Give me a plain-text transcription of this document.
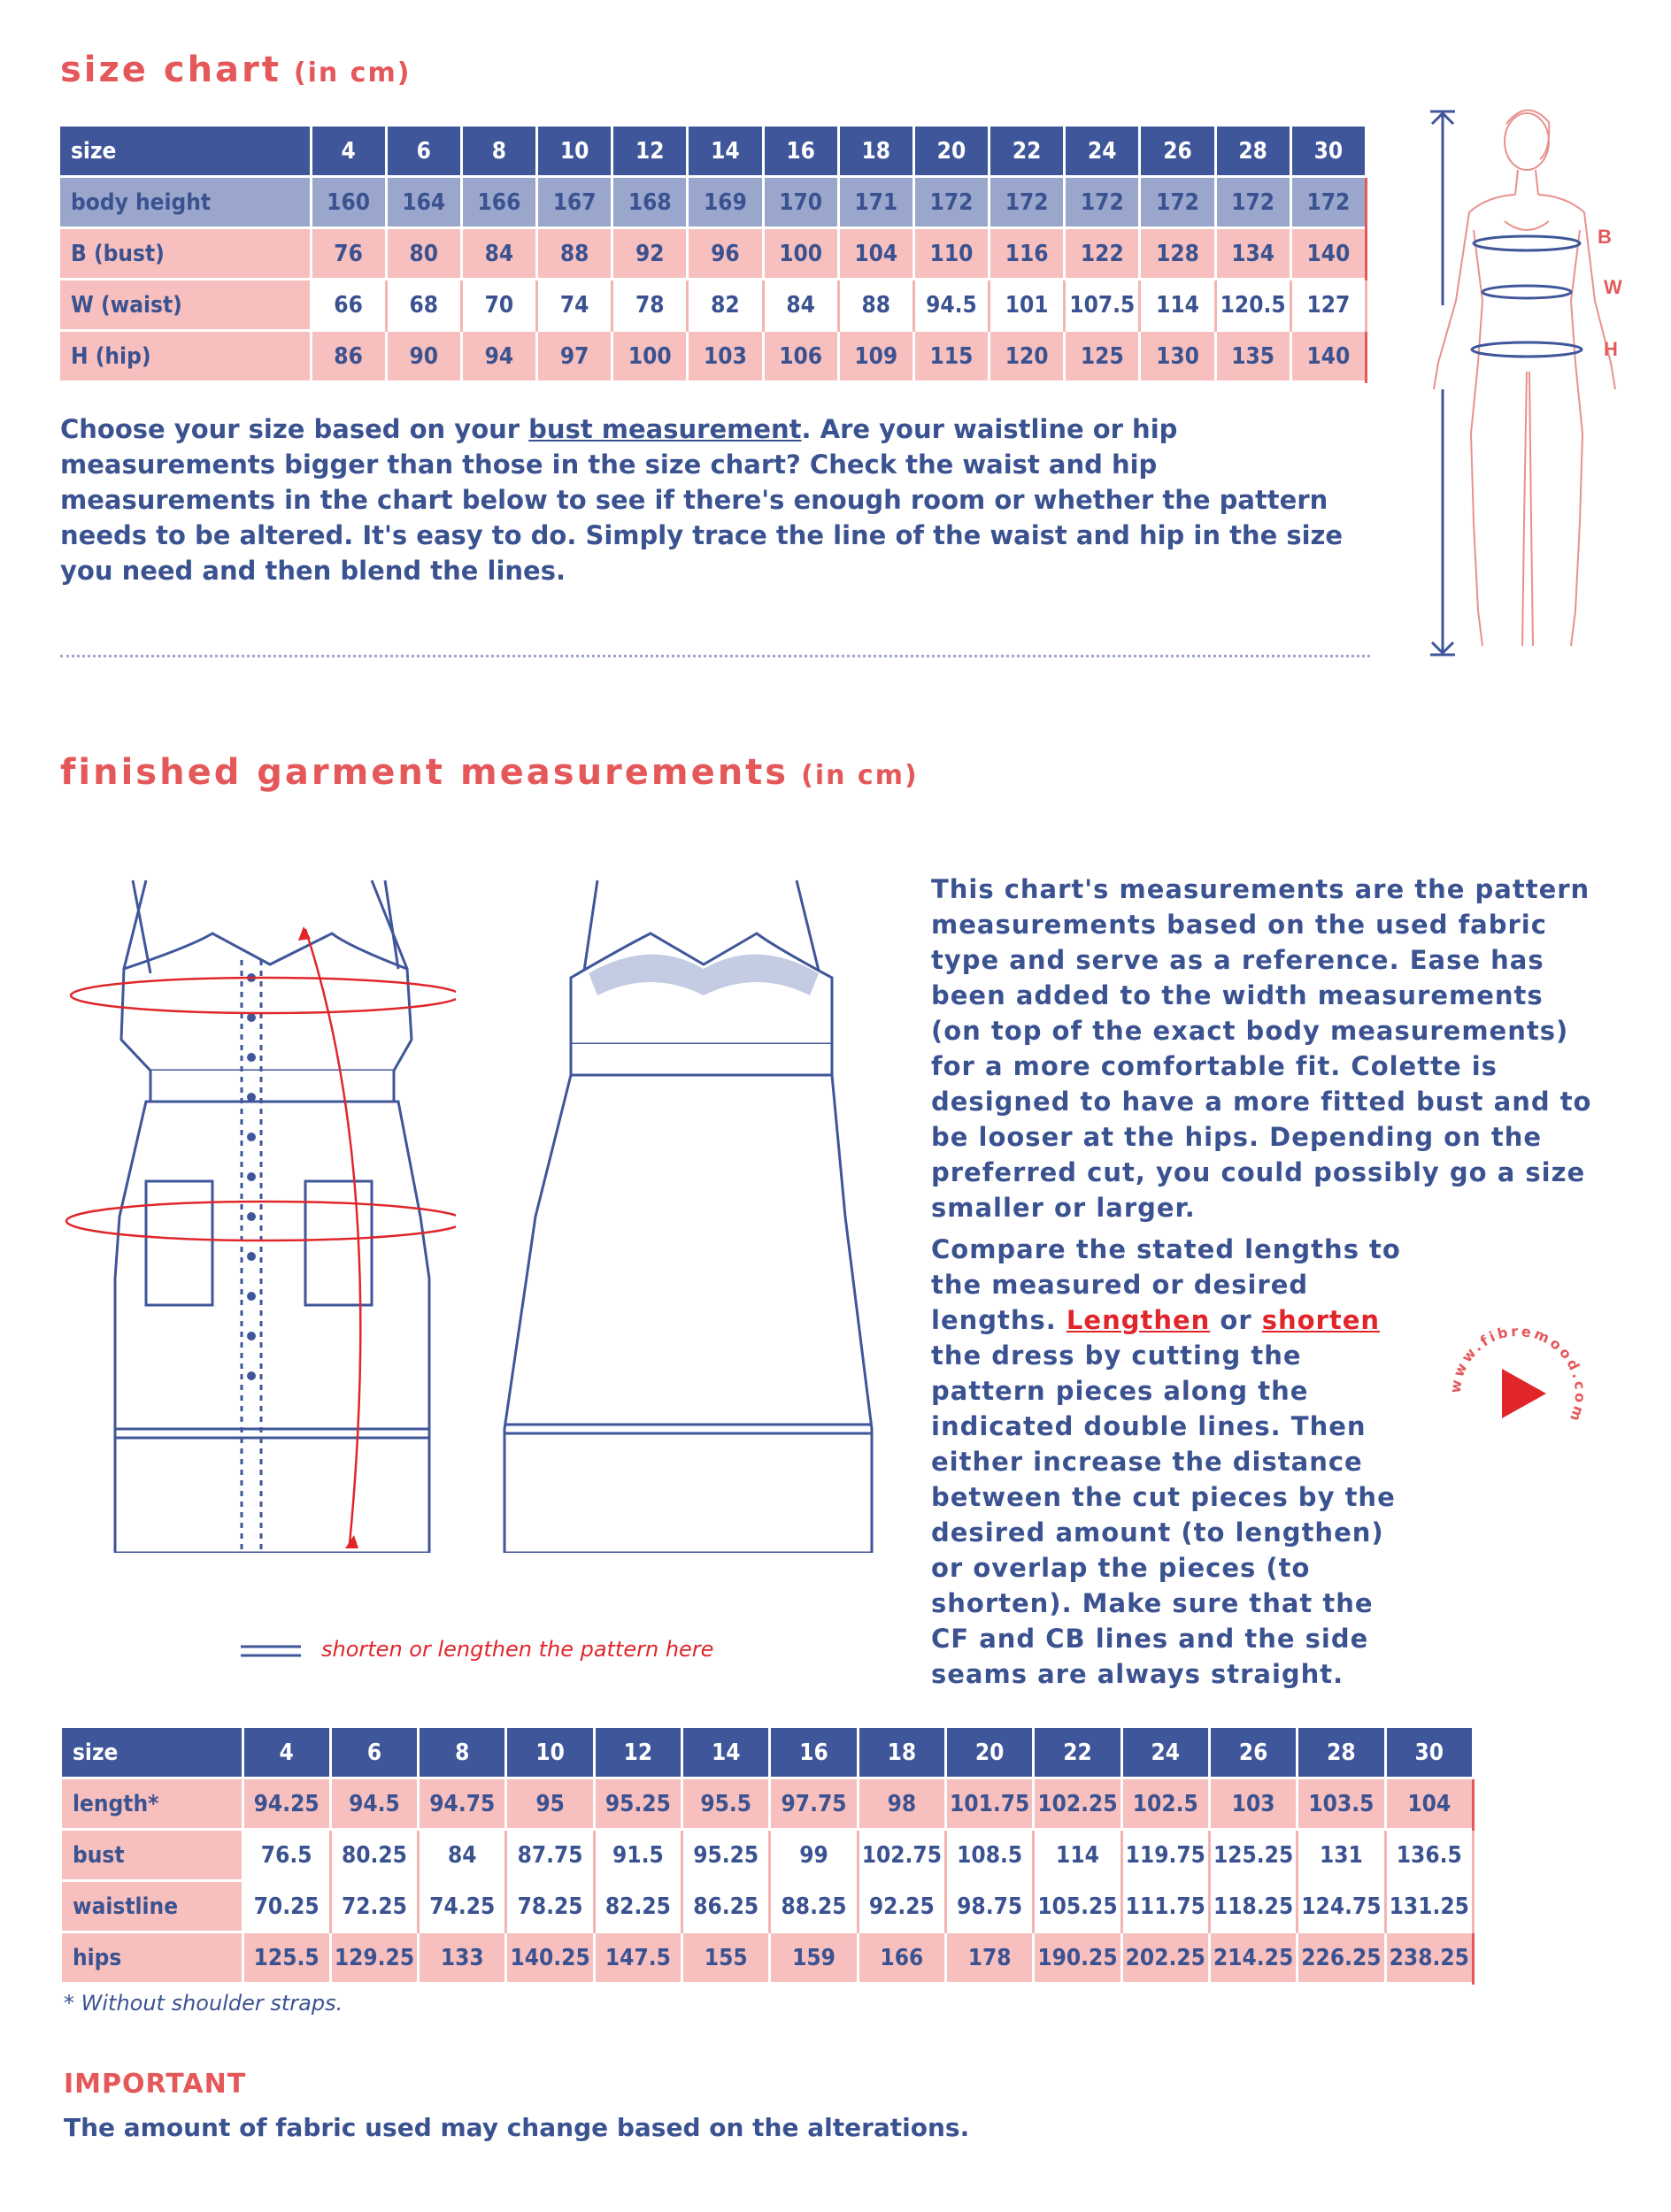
size chart (in cm)
size	4	6	8	10	12	14	16	18	20	22	24	26	28	30
body height	160	164	166	167	168	169	170	171	172	172	172	172	172	172
B (bust)	76	80	84	88	92	96	100	104	110	116	122	128	134	140
W (waist)	66	68	70	74	78	82	84	88	94.5	101	107.5	114	120.5	127
H (hip)	86	90	94	97	100	103	106	109	115	120	125	130	135	140
Choose your size based on your bust measurement. Are your waistline or hip measurements bigger than those in the size chart? Check the waist and hip measurements in the chart below to see if there's enough room or whether the pattern needs to be altered. It's easy to do. Simply trace the line of the waist and hip in the size you need and then blend the lines.
B
W
H
finished garment measurements (in cm)
shorten or lengthen the pattern here
This chart's measurements are the pattern measurements based on the used fabric type and serve as a reference. Ease has been added to the width measurements (on top of the exact body measurements) for a more comfortable fit. Colette is designed to have a more fitted bust and to be looser at the hips. Depending on the preferred cut, you could possibly go a size smaller or larger.
Compare the stated lengths to the measured or desired lengths. Lengthen or shorten the dress by cutting the pattern pieces along the indicated double lines. Then either increase the distance between the cut pieces by the desired amount (to lengthen) or overlap the pieces (to shorten). Make sure that the CF and CB lines and the side seams are always straight.
www.fibremood.com
size	4	6	8	10	12	14	16	18	20	22	24	26	28	30
length*	94.25	94.5	94.75	95	95.25	95.5	97.75	98	101.75	102.25	102.5	103	103.5	104
bust	76.5	80.25	84	87.75	91.5	95.25	99	102.75	108.5	114	119.75	125.25	131	136.5
waistline	70.25	72.25	74.25	78.25	82.25	86.25	88.25	92.25	98.75	105.25	111.75	118.25	124.75	131.25
hips	125.5	129.25	133	140.25	147.5	155	159	166	178	190.25	202.25	214.25	226.25	238.25
* Without shoulder straps.
IMPORTANT
The amount of fabric used may change based on the alterations.
